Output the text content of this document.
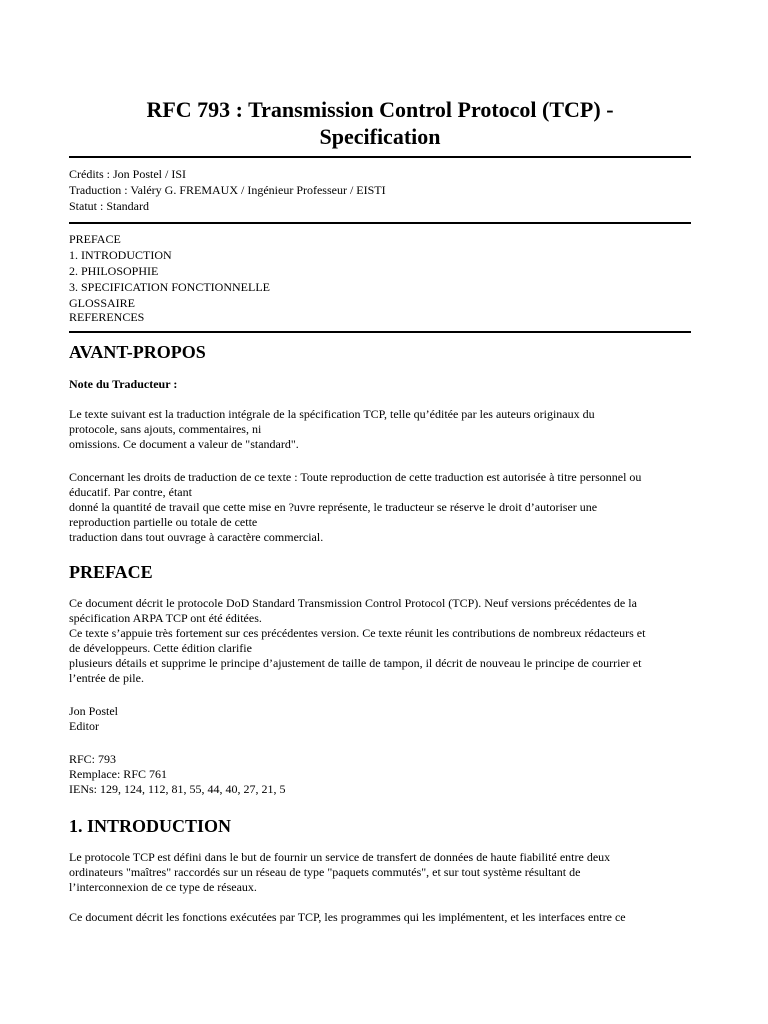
RFC 793 : Transmission Control Protocol (TCP) -
Specification
Crédits : Jon Postel / ISI
Traduction : Valéry G. FREMAUX / Ingénieur Professeur / EISTI
Statut : Standard
PREFACE
1. INTRODUCTION
2. PHILOSOPHIE
3. SPECIFICATION FONCTIONNELLE
GLOSSAIRE
REFERENCES
AVANT-PROPOS
Note du Traducteur :
Le texte suivant est la traduction intégrale de la spécification TCP, telle qu’éditée par les auteurs originaux du
protocole, sans ajouts, commentaires, ni
omissions. Ce document a valeur de "standard".
Concernant les droits de traduction de ce texte : Toute reproduction de cette traduction est autorisée à titre personnel ou
éducatif. Par contre, étant
donné la quantité de travail que cette mise en ?uvre représente, le traducteur se réserve le droit d’autoriser une
reproduction partielle ou totale de cette
traduction dans tout ouvrage à caractère commercial.
PREFACE
Ce document décrit le protocole DoD Standard Transmission Control Protocol (TCP). Neuf versions précédentes de la
spécification ARPA TCP ont été éditées.
Ce texte s’appuie très fortement sur ces précédentes version. Ce texte réunit les contributions de nombreux rédacteurs et
de développeurs. Cette édition clarifie
plusieurs détails et supprime le principe d’ajustement de taille de tampon, il décrit de nouveau le principe de courrier et
l’entrée de pile.
Jon Postel
Editor
RFC: 793
Remplace: RFC 761
IENs: 129, 124, 112, 81, 55, 44, 40, 27, 21, 5
1. INTRODUCTION
Le protocole TCP est défini dans le but de fournir un service de transfert de données de haute fiabilité entre deux
ordinateurs "maîtres" raccordés sur un réseau de type "paquets commutés", et sur tout système résultant de
l’interconnexion de ce type de réseaux.
Ce document décrit les fonctions exécutées par TCP, les programmes qui les implémentent, et les interfaces entre ce
